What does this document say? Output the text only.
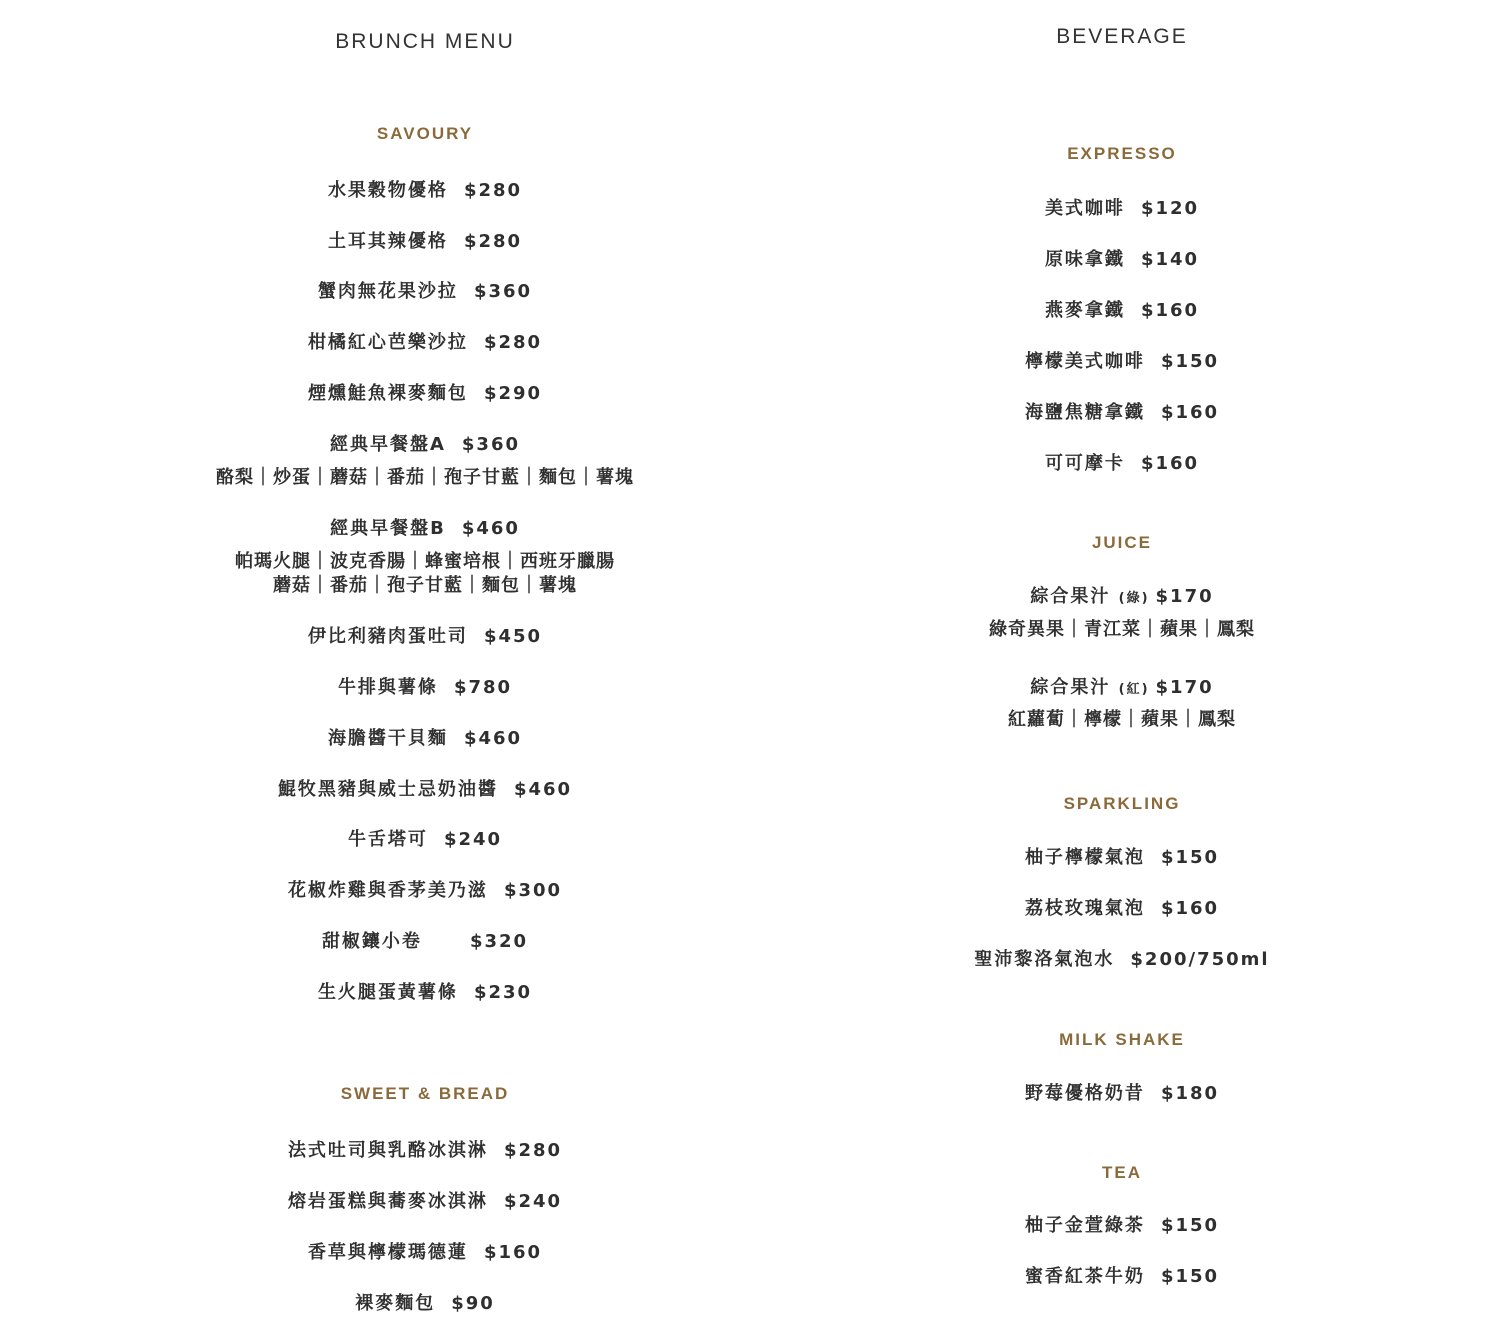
BRUNCH MENU
SAVOURY
水果穀物優格 $280
土耳其辣優格 $280
蟹肉無花果沙拉 $360
柑橘紅心芭樂沙拉 $280
煙燻鮭魚裸麥麵包 $290
經典早餐盤A $360
酪梨｜炒蛋｜蘑菇｜番茄｜孢子甘藍｜麵包｜薯塊
經典早餐盤B $460
帕瑪火腿｜波克香腸｜蜂蜜培根｜西班牙臘腸
蘑菇｜番茄｜孢子甘藍｜麵包｜薯塊
伊比利豬肉蛋吐司 $450
牛排與薯條 $780
海膽醬干貝麵 $460
鯤牧黑豬與威士忌奶油醬 $460
牛舌塔可 $240
花椒炸雞與香茅美乃滋 $300
甜椒鑲小卷	$320
生火腿蛋黃薯條 $230
SWEET & BREAD
法式吐司與乳酪冰淇淋 $280
熔岩蛋糕與蕎麥冰淇淋 $240
香草與檸檬瑪德蓮 $160
裸麥麵包 $90
BEVERAGE
EXPRESSO
美式咖啡 $120
原味拿鐵 $140
燕麥拿鐵 $160
檸檬美式咖啡 $150
海鹽焦糖拿鐵 $160
可可摩卡 $160
JUICE
綜合果汁 (綠) $170
綠奇異果｜青江菜｜蘋果｜鳳梨
綜合果汁 (紅) $170
紅蘿蔔｜檸檬｜蘋果｜鳳梨
SPARKLING
柚子檸檬氣泡 $150
荔枝玫瑰氣泡 $160
聖沛黎洛氣泡水 $200/750ml
MILK SHAKE
野莓優格奶昔 $180
TEA
柚子金萱綠茶 $150
蜜香紅茶牛奶 $150
